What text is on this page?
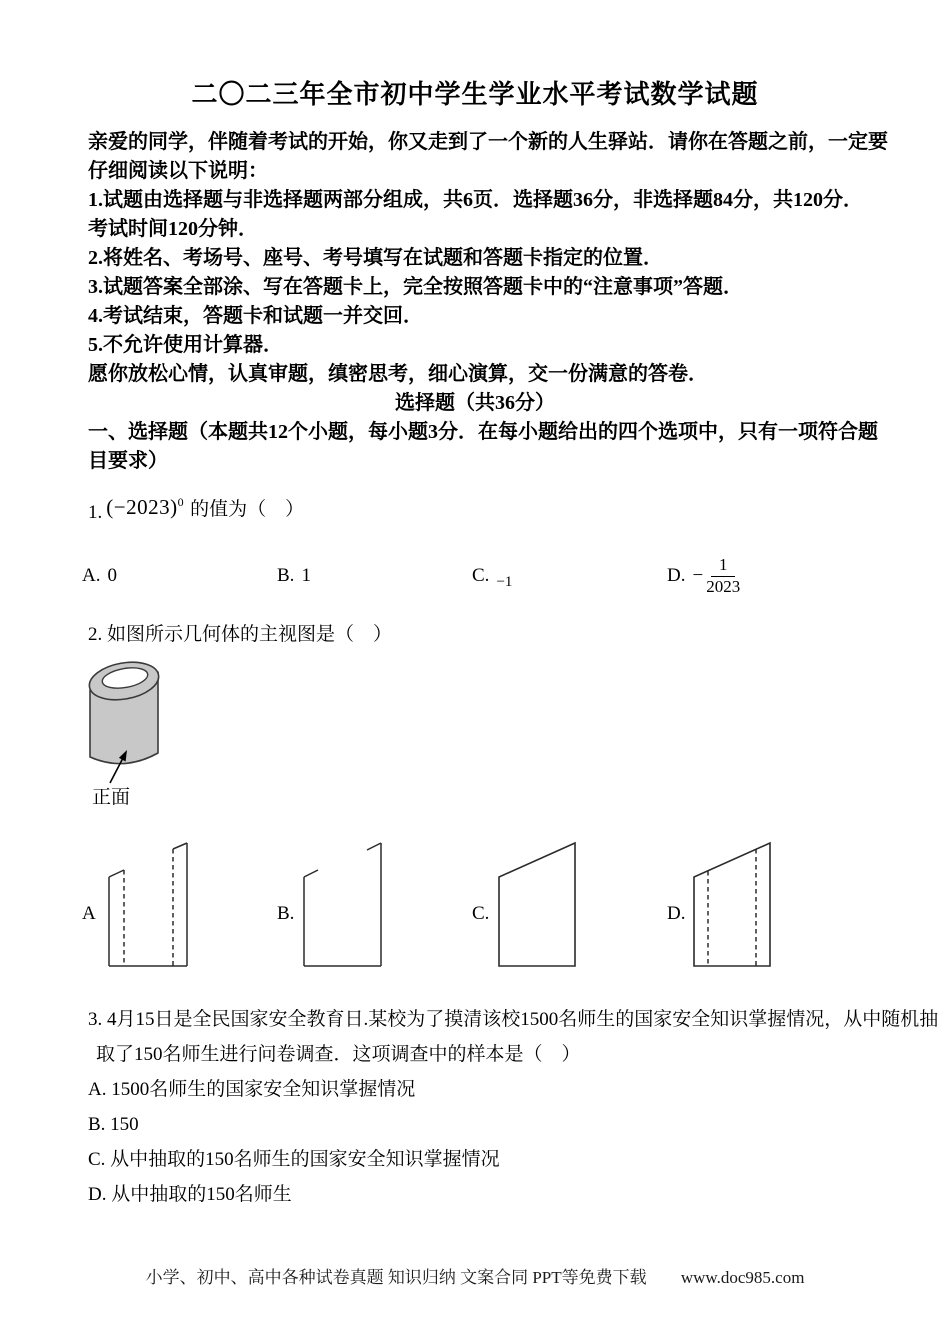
二〇二三年全市初中学生学业水平考试数学试题
亲爱的同学，伴随着考试的开始，你又走到了一个新的人生驿站．请你在答题之前，一定要
仔细阅读以下说明：
1.试题由选择题与非选择题两部分组成，共6页．选择题36分，非选择题84分，共120分．
考试时间120分钟．
2.将姓名、考场号、座号、考号填写在试题和答题卡指定的位置．
3.试题答案全部涂、写在答题卡上，完全按照答题卡中的“注意事项”答题．
4.考试结束，答题卡和试题一并交回．
5.不允许使用计算器．
愿你放松心情，认真审题，缜密思考，细心演算，交一份满意的答卷．
选择题（共36分）
一、选择题（本题共12个小题，每小题3分．在每小题给出的四个选项中，只有一项符合题
目要求）
1. $(-2023)^0$ 的值为（　）
A. 0	B. 1	C. −1	D. − $\frac{1}{2023}$
2. 如图所示几何体的主视图是（　）
正面
A	B.	C.	D.
3. 4月15日是全民国家安全教育日.某校为了摸清该校1500名师生的国家安全知识掌握情况，从中随机抽
取了150名师生进行问卷调查．这项调查中的样本是（　）
A. 1500名师生的国家安全知识掌握情况
B. 150
C. 从中抽取的150名师生的国家安全知识掌握情况
D. 从中抽取的150名师生
小学、初中、高中各种试卷真题 知识归纳 文案合同 PPT等免费下载 www.doc985.com
